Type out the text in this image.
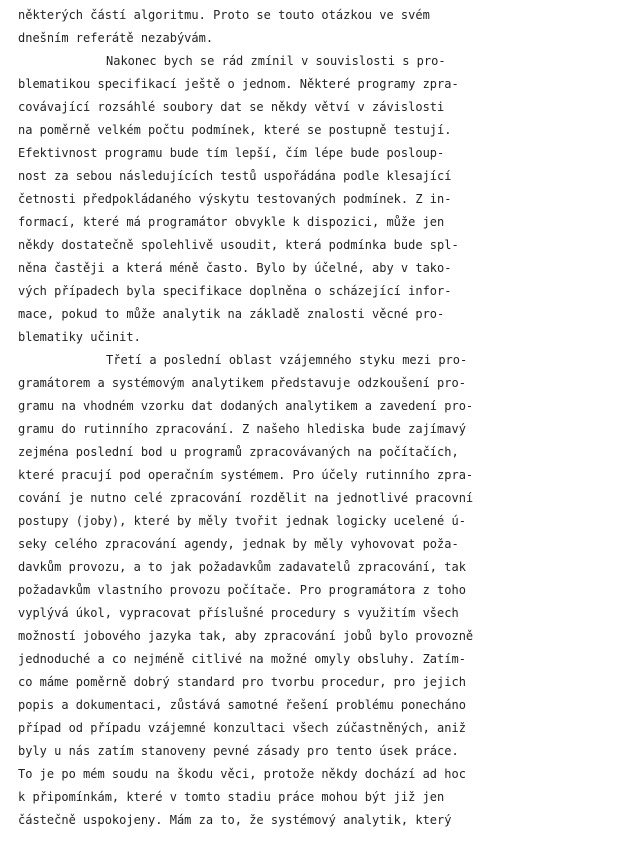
některých částí algoritmu. Proto se touto otázkou ve svém
dnešním referátě nezabývám.
Nakonec bych se rád zmínil v souvislosti s pro-
blematikou specifikací ještě o jednom. Některé programy zpra-
covávající rozsáhlé soubory dat se někdy větví v závislosti
na poměrně velkém počtu podmínek, které se postupně testují.
Efektivnost programu bude tím lepší, čím lépe bude posloup-
nost za sebou následujících testů uspořádána podle klesající
četnosti předpokládaného výskytu testovaných podmínek. Z in-
formací, které má programátor obvykle k dispozici, může jen
někdy dostatečně spolehlivě usoudit, která podmínka bude spl-
něna častěji a která méně často. Bylo by účelné, aby v tako-
vých případech byla specifikace doplněna o scházející infor-
mace, pokud to může analytik na základě znalosti věcné pro-
blematiky učinit.
Třetí a poslední oblast vzájemného styku mezi pro-
gramátorem a systémovým analytikem představuje odzkoušení pro-
gramu na vhodném vzorku dat dodaných analytikem a zavedení pro-
gramu do rutinního zpracování. Z našeho hlediska bude zajímavý
zejména poslední bod u programů zpracovávaných na počítačích,
které pracují pod operačním systémem. Pro účely rutinního zpra-
cování je nutno celé zpracování rozdělit na jednotlivé pracovní
postupy (joby), které by měly tvořit jednak logicky ucelené ú-
seky celého zpracování agendy, jednak by měly vyhovovat poža-
davkům provozu, a to jak požadavkům zadavatelů zpracování, tak
požadavkům vlastního provozu počítače. Pro programátora z toho
vyplývá úkol, vypracovat příslušné procedury s využitím všech
možností jobového jazyka tak, aby zpracování jobů bylo provozně
jednoduché a co nejméně citlivé na možné omyly obsluhy. Zatím-
co máme poměrně dobrý standard pro tvorbu procedur, pro jejich
popis a dokumentaci, zůstává samotné řešení problému ponecháno
případ od případu vzájemné konzultaci všech zúčastněných, aniž
byly u nás zatím stanoveny pevné zásady pro tento úsek práce.
To je po mém soudu na škodu věci, protože někdy dochází ad hoc
k připomínkám, které v tomto stadiu práce mohou být již jen
částečně uspokojeny. Mám za to, že systémový analytik, který
